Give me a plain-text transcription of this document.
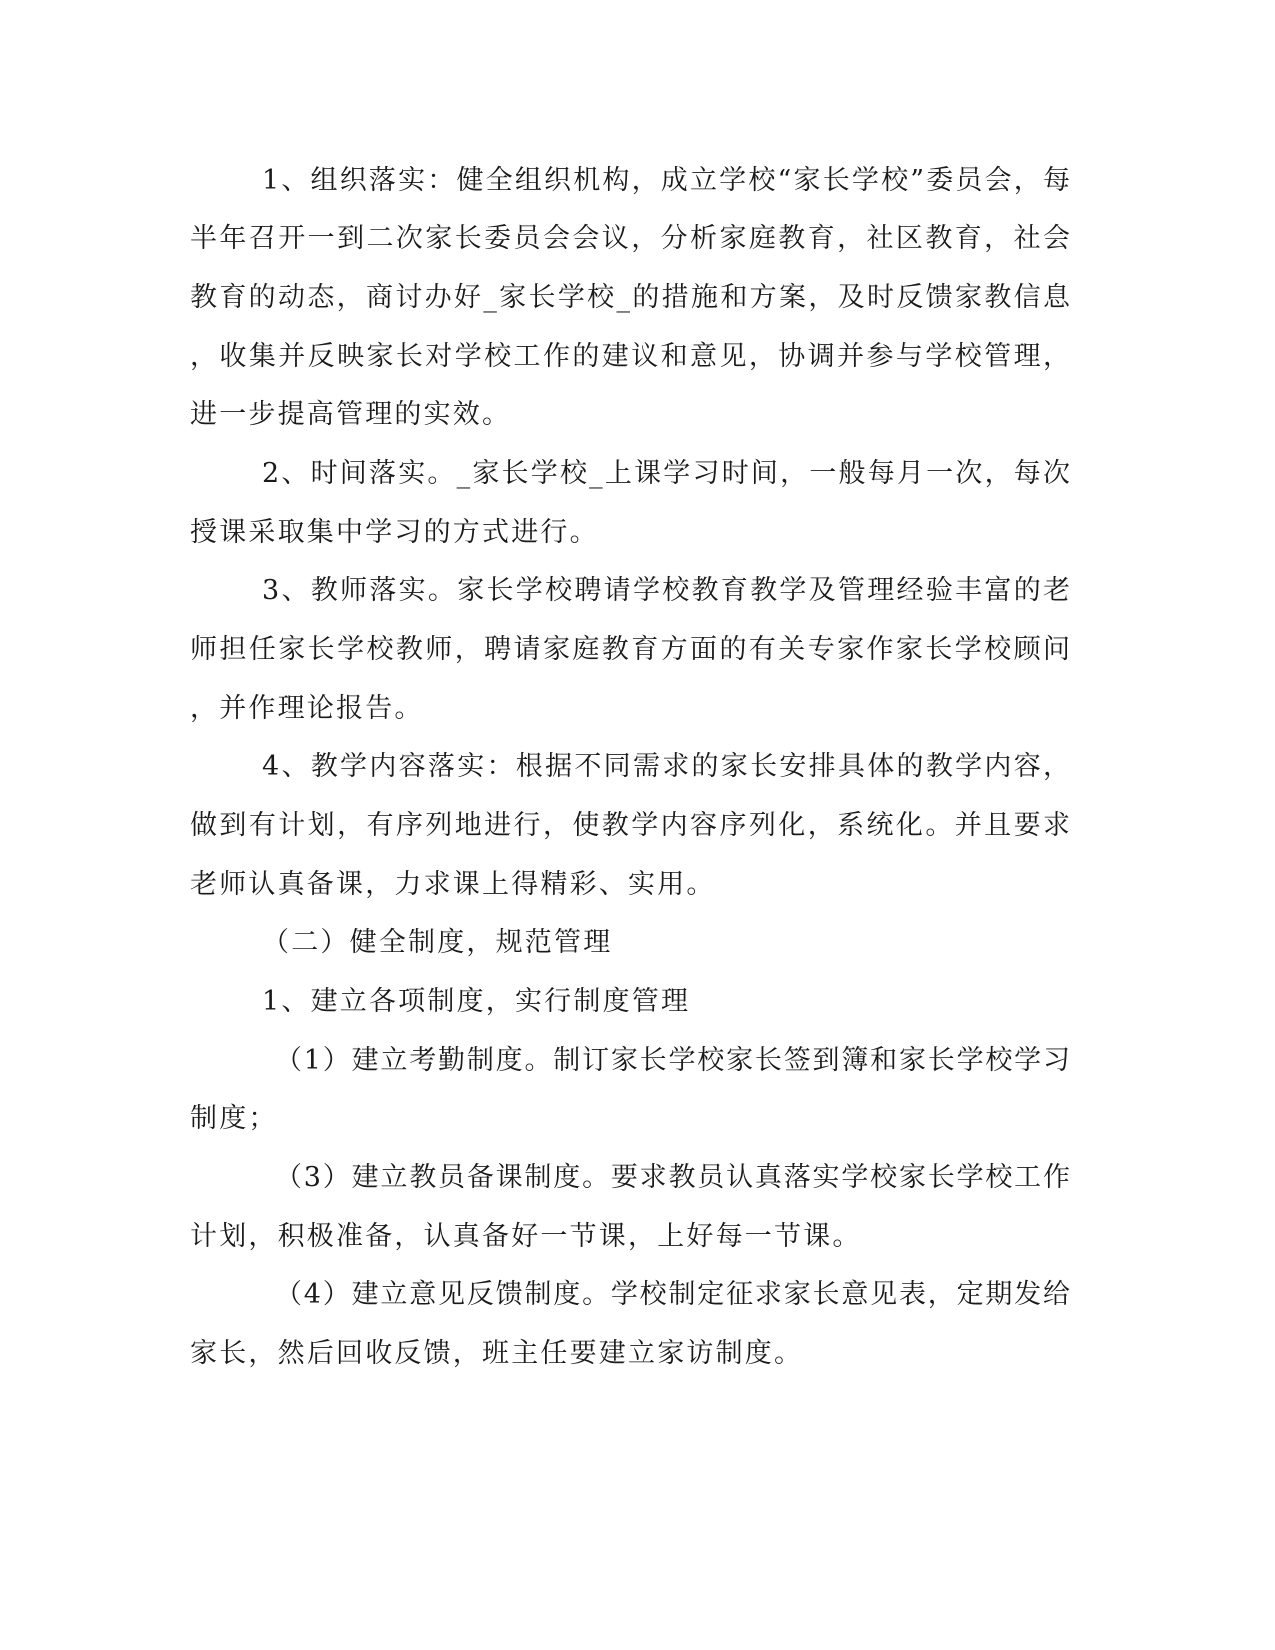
1、组织落实：健全组织机构，成立学校“家长学校”委员会，每
半年召开一到二次家长委员会会议，分析家庭教育，社区教育，社会
教育的动态，商讨办好_家长学校_的措施和方案，及时反馈家教信息
，收集并反映家长对学校工作的建议和意见，协调并参与学校管理，
进一步提高管理的实效。
2、时间落实。_家长学校_上课学习时间，一般每月一次，每次
授课采取集中学习的方式进行。
3、教师落实。家长学校聘请学校教育教学及管理经验丰富的老
师担任家长学校教师，聘请家庭教育方面的有关专家作家长学校顾问
，并作理论报告。
4、教学内容落实：根据不同需求的家长安排具体的教学内容，
做到有计划，有序列地进行，使教学内容序列化，系统化。并且要求
老师认真备课，力求课上得精彩、实用。
（二）健全制度，规范管理
1、建立各项制度，实行制度管理
（1）建立考勤制度。制订家长学校家长签到簿和家长学校学习
制度；
（3）建立教员备课制度。要求教员认真落实学校家长学校工作
计划，积极准备，认真备好一节课，上好每一节课。
（4）建立意见反馈制度。学校制定征求家长意见表，定期发给
家长，然后回收反馈，班主任要建立家访制度。
